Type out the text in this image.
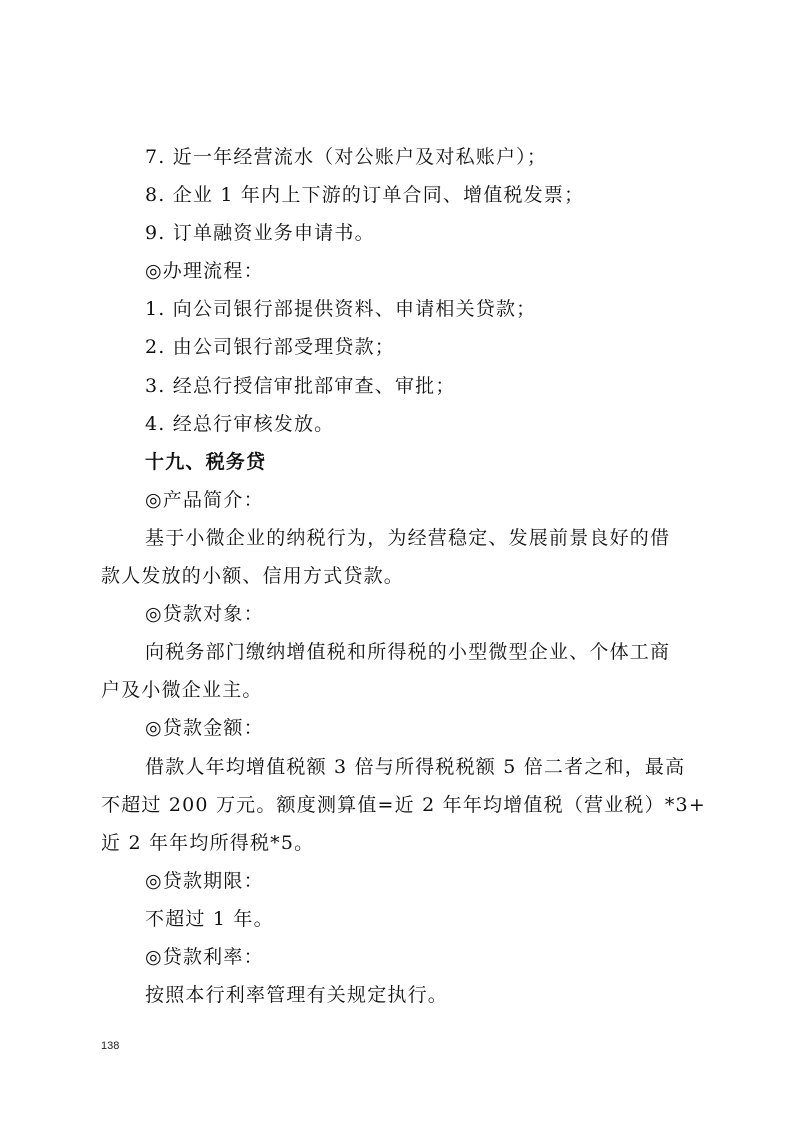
7. 近一年经营流水（对公账户及对私账户）；
8. 企业 1 年内上下游的订单合同、增值税发票；
9. 订单融资业务申请书。
◎办理流程：
1. 向公司银行部提供资料、申请相关贷款；
2. 由公司银行部受理贷款；
3. 经总行授信审批部审查、审批；
4. 经总行审核发放。
十九、税务贷
◎产品简介：
基于小微企业的纳税行为，为经营稳定、发展前景良好的借
款人发放的小额、信用方式贷款。
◎贷款对象：
向税务部门缴纳增值税和所得税的小型微型企业、个体工商
户及小微企业主。
◎贷款金额：
借款人年均增值税额 3 倍与所得税税额 5 倍二者之和，最高
不超过 200 万元。额度测算值=近 2 年年均增值税（营业税）*3+
近 2 年年均所得税*5。
◎贷款期限：
不超过 1 年。
◎贷款利率：
按照本行利率管理有关规定执行。
138
